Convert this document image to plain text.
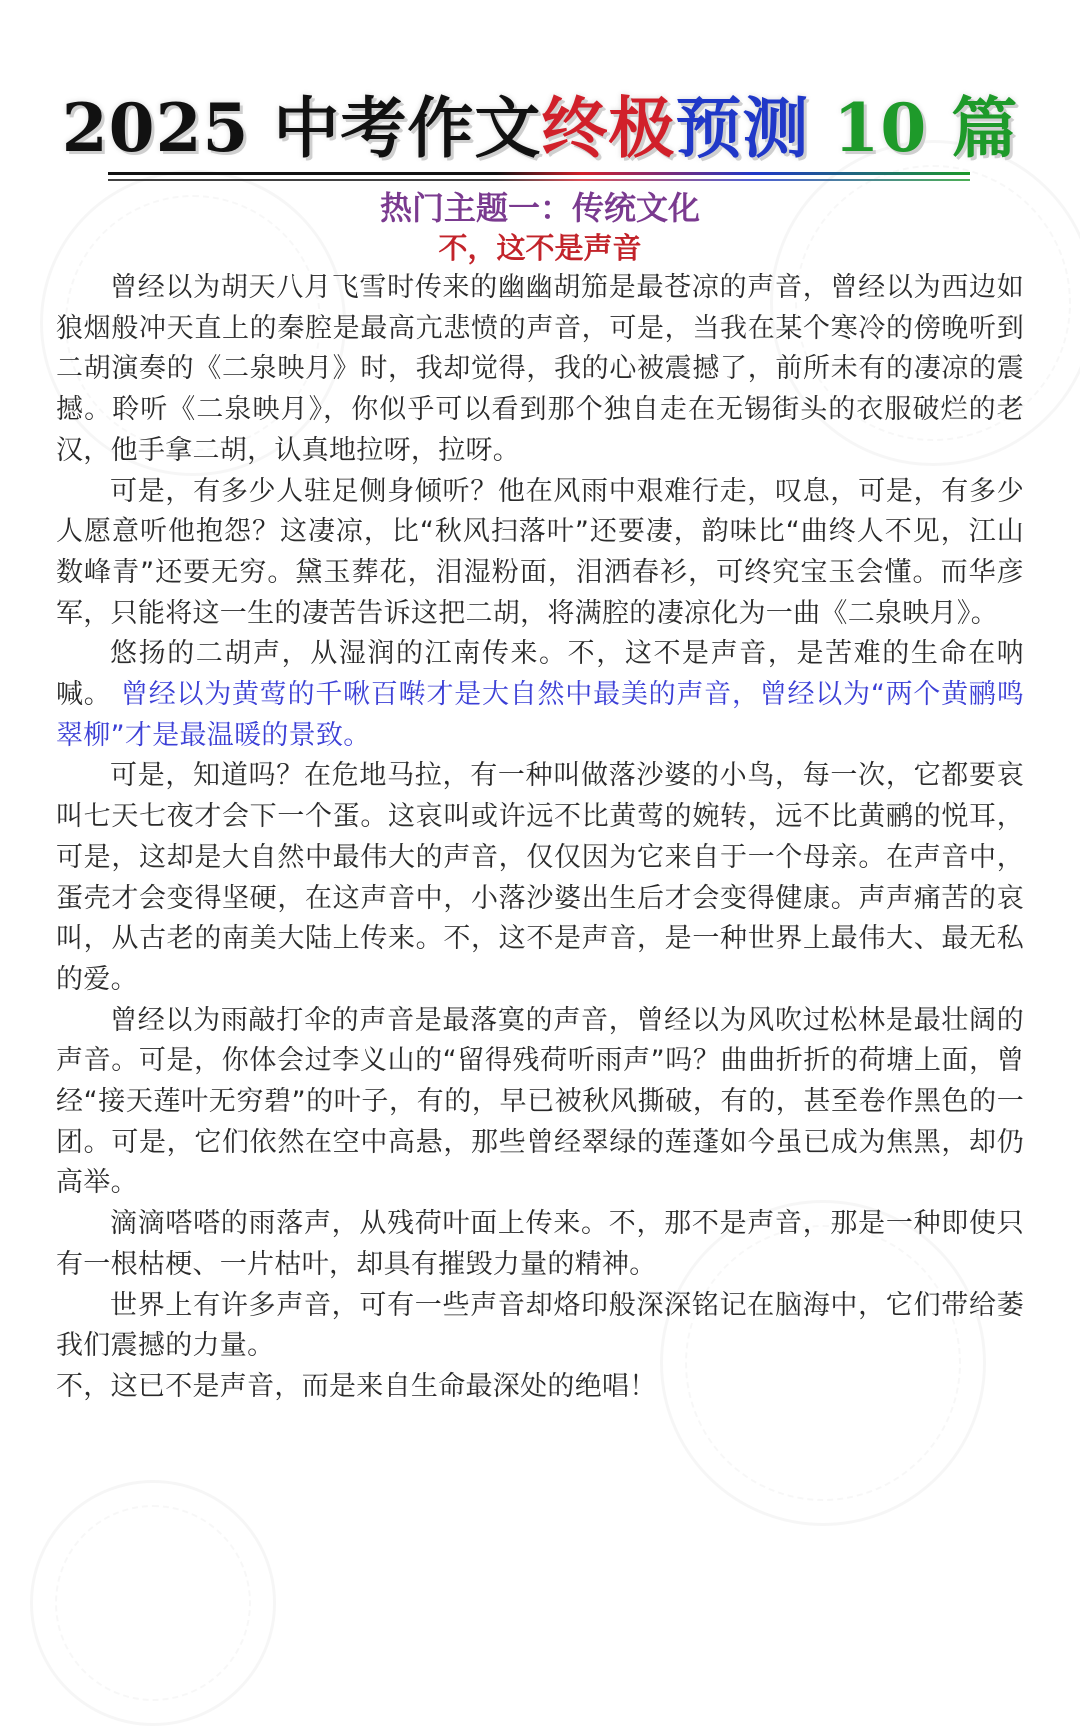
2025 中考作文终极预测 10 篇
热门主题一：传统文化
不，这不是声音

曾经以为胡天八月飞雪时传来的幽幽胡笳是最苍凉的声音，曾经以为西边如狼烟般冲天直上的秦腔是最高亢悲愤的声音，可是，当我在某个寒冷的傍晚听到二胡演奏的《二泉映月》时，我却觉得，我的心被震撼了，前所未有的凄凉的震撼。聆听《二泉映月》，你似乎可以看到那个独自走在无锡街头的衣服破烂的老汉，他手拿二胡，认真地拉呀，拉呀。

可是，有多少人驻足侧身倾听？他在风雨中艰难行走，叹息，可是，有多少人愿意听他抱怨？这凄凉，比“秋风扫落叶”还要凄，韵味比“曲终人不见，江山数峰青”还要无穷。黛玉葬花，泪湿粉面，泪洒春衫，可终究宝玉会懂。而华彦军，只能将这一生的凄苦告诉这把二胡，将满腔的凄凉化为一曲《二泉映月》。

悠扬的二胡声，从湿润的江南传来。不，这不是声音，是苦难的生命在呐喊。 曾经以为黄莺的千啾百啭才是大自然中最美的声音，曾经以为“两个黄鹂鸣翠柳”才是最温暖的景致。

可是，知道吗？在危地马拉，有一种叫做落沙婆的小鸟，每一次，它都要哀叫七天七夜才会下一个蛋。这哀叫或许远不比黄莺的婉转，远不比黄鹂的悦耳，可是，这却是大自然中最伟大的声音，仅仅因为它来自于一个母亲。在声音中，蛋壳才会变得坚硬，在这声音中，小落沙婆出生后才会变得健康。声声痛苦的哀叫，从古老的南美大陆上传来。不，这不是声音，是一种世界上最伟大、最无私的爱。

曾经以为雨敲打伞的声音是最落寞的声音，曾经以为风吹过松林是最壮阔的声音。可是，你体会过李义山的“留得残荷听雨声”吗？曲曲折折的荷塘上面，曾经“接天莲叶无穷碧”的叶子，有的，早已被秋风撕破，有的，甚至卷作黑色的一团。可是，它们依然在空中高悬，那些曾经翠绿的莲蓬如今虽已成为焦黑，却仍高举。

滴滴嗒嗒的雨落声，从残荷叶面上传来。不，那不是声音，那是一种即使只有一根枯梗、一片枯叶，却具有摧毁力量的精神。

世界上有许多声音，可有一些声音却烙印般深深铭记在脑海中，它们带给萎我们震撼的力量。

不，这已不是声音，而是来自生命最深处的绝唱！
